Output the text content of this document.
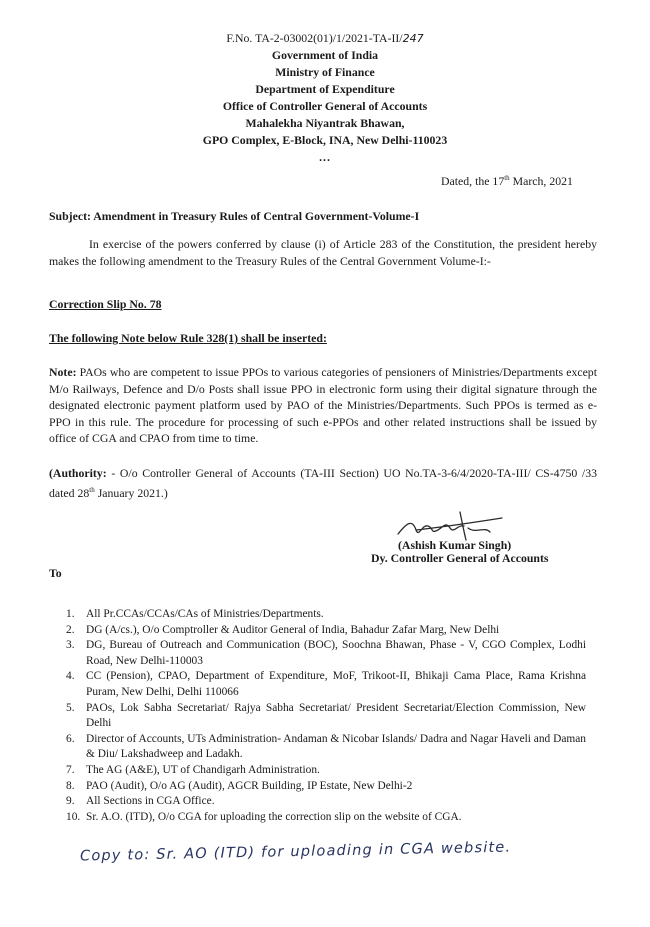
F.No. TA-2-03002(01)/1/2021-TA-II/247
Government of India
Ministry of Finance
Department of Expenditure
Office of Controller General of Accounts
Mahalekha Niyantrak Bhawan,
GPO Complex, E-Block, INA, New Delhi-110023
...
Dated, the 17th March, 2021
Subject: Amendment in Treasury Rules of Central Government-Volume-I
In exercise of the powers conferred by clause (i) of Article 283 of the Constitution, the president hereby makes the following amendment to the Treasury Rules of the Central Government Volume-I:-
Correction Slip No. 78
The following Note below Rule 328(1) shall be inserted:
Note: PAOs who are competent to issue PPOs to various categories of pensioners of Ministries/Departments except M/o Railways, Defence and D/o Posts shall issue PPO in electronic form using their digital signature through the designated electronic payment platform used by PAO of the Ministries/Departments. Such PPOs is termed as e-PPO in this rule. The procedure for processing of such e-PPOs and other related instructions shall be issued by office of CGA and CPAO from time to time.
(Authority: - O/o Controller General of Accounts (TA-III Section) UO No.TA-3-6/4/2020-TA-III/ CS-4750 /33 dated 28th January 2021.)
(Ashish Kumar Singh)
Dy. Controller General of Accounts
To
1. All Pr.CCAs/CCAs/CAs of Ministries/Departments.
2. DG (A/cs.), O/o Comptroller & Auditor General of India, Bahadur Zafar Marg, New Delhi
3. DG, Bureau of Outreach and Communication (BOC), Soochna Bhawan, Phase - V, CGO Complex, Lodhi Road, New Delhi-110003
4. CC (Pension), CPAO, Department of Expenditure, MoF, Trikoot-II, Bhikaji Cama Place, Rama Krishna Puram, New Delhi, Delhi 110066
5. PAOs, Lok Sabha Secretariat/ Rajya Sabha Secretariat/ President Secretariat/Election Commission, New Delhi
6. Director of Accounts, UTs Administration- Andaman & Nicobar Islands/ Dadra and Nagar Haveli and Daman & Diu/ Lakshadweep and Ladakh.
7. The AG (A&E), UT of Chandigarh Administration.
8. PAO (Audit), O/o AG (Audit), AGCR Building, IP Estate, New Delhi-2
9. All Sections in CGA Office.
10. Sr. A.O. (ITD), O/o CGA for uploading the correction slip on the website of CGA.
Copy to: Sr. AO (ITD) for uploading in CGA website.
